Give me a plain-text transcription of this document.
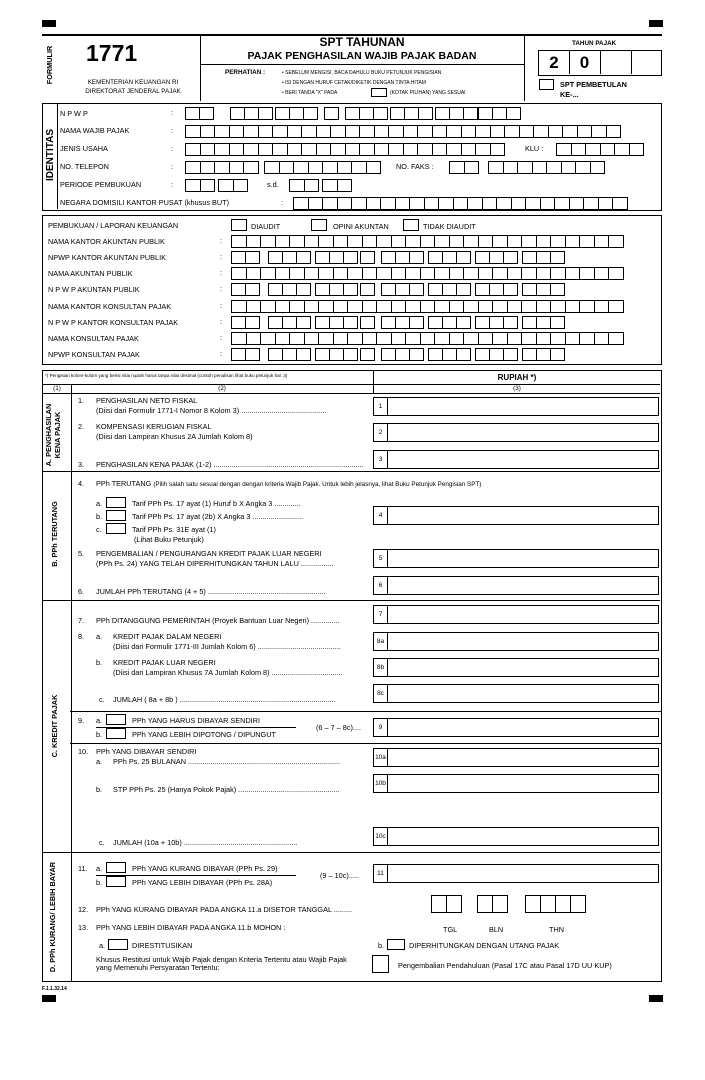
FORMULIR 1771
KEMENTERIAN KEUANGAN RI
DIREKTORAT JENDERAL PAJAK
SPT TAHUNAN
PAJAK PENGHASILAN WAJIB PAJAK BADAN
PERHATIAN :	• SEBELUM MENGISI, BACA DAHULU BUKU PETUNJUK PENGISIAN
• ISI DENGAN HURUF CETAK/DIKETIK DENGAN TINTA HITAM
• BERI TANDA "X" PADA	(KOTAK PILIHAN) YANG SESUAI
TAHUN PAJAK
2	0
SPT PEMBETULAN
KE-...
IDENTITAS
N P W P
NAMA WAJIB PAJAK
JENIS USAHA
NO. TELEPON
PERIODE PEMBUKUAN
NEGARA DOMISILI KANTOR PUSAT (khusus BUT)
NO. FAKS :
KLU :
s.d.
:
:
:
:
:
:
PEMBUKUAN / LAPORAN KEUANGAN	DIAUDIT	OPINI AKUNTAN	TIDAK DIAUDIT
NAMA KANTOR AKUNTAN PUBLIK
NPWP KANTOR AKUNTAN PUBLIK
NAMA AKUNTAN PUBLIK
N P W P AKUNTAN PUBLIK
NAMA KANTOR KONSULTAN PAJAK
N P W P KANTOR KONSULTAN PAJAK
NAMA KONSULTAN PAJAK
NPWP KONSULTAN PAJAK
:
:
:
:
:
:
:
:
*) Pengisian kolom-kolom yang berisi nilai rupiah harus tanpa nilai desimal (contoh penulisan lihat buku petunjuk hal. 3)	RUPIAH *)
(1)	(2)	(3)
A. PENGHASILAN
KENA PAJAK
B. PPh TERUTANG
C. KREDIT PAJAK
D. PPh KURANG/ LEBIH BAYAR
1. PENGHASILAN NETO FISKAL
(Diisi dari Formulir 1771-I Nomor 8 Kolom 3) ..........................................	1
2. KOMPENSASI KERUGIAN FISKAL
(Diisi dari Lampiran Khusus 2A Jumlah Kolom 8)	2
3. PENGHASILAN KENA PAJAK (1-2) ..........................................................................
3
4. PPh TERUTANG (Pilih salah satu sesuai dengan dengan kriteria Wajib Pajak. Untuk lebih jelasnya, lihat Buku Petunjuk Pengisian SPT)
a.	Tarif PPh Ps. 17 ayat (1) Huruf b X Angka 3 .............
b.	Tarif PPh Ps. 17 ayat (2b) X Angka 3 .........................
c.	Tarif PPh Ps. 31E ayat (1)
(Lihat Buku Petunjuk)
4
5. PENGEMBALIAN / PENGURANGAN KREDIT PAJAK LUAR NEGERI
(PPh Ps. 24) YANG TELAH DIPERHITUNGKAN TAHUN LALU ................
5
6. JUMLAH PPh TERUTANG (4 + 5) ..........................................................
6
7. PPh DITANGGUNG PEMERINTAH (Proyek Bantuan Luar Negeri) ..............
7
8. a. KREDIT PAJAK DALAM NEGERI
(Diisi dari Formulir 1771-III Jumlah Kolom 6) .........................................
8a
b. KREDIT PAJAK LUAR NEGERI
(Diisi dari Lampiran Khusus 7A Jumlah Kolom 8) ...................................
8b
c. JUMLAH ( 8a + 8b ) .............................................................................
8c
9. a.	PPh YANG HARUS DIBAYAR SENDIRI
b.	PPh YANG LEBIH DIPOTONG / DIPUNGUT
(6 – 7 – 8c)....	9
10. PPh YANG DIBAYAR SENDIRI
a. PPh Ps. 25 BULANAN ...........................................................................	10a
b. STP PPh Ps. 25 (Hanya Pokok Pajak) ..................................................
10b
c. JUMLAH (10a + 10b) ........................................................
10c
11. a.	PPh YANG KURANG DIBAYAR (PPh Ps. 29)
b.	PPh YANG LEBIH DIBAYAR (PPh Ps. 28A)
(9 – 10c).....	11
12. PPh YANG KURANG DIBAYAR PADA ANGKA 11.a DISETOR TANGGAL .........
TGL	BLN	THN
13. PPh YANG LEBIH DIBAYAR PADA ANGKA 11.b MOHON :
a.	DIRESTITUSIKAN	b.	DIPERHITUNGKAN DENGAN UTANG PAJAK
Khusus Restitusi untuk Wajib Pajak dengan Kriteria Tertentu atau Wajib Pajak
yang Memenuhi Persyaratan Tertentu:	Pengembalian Pendahuluan (Pasal 17C atau Pasal 17D UU KUP)
F.1.1.32.14
